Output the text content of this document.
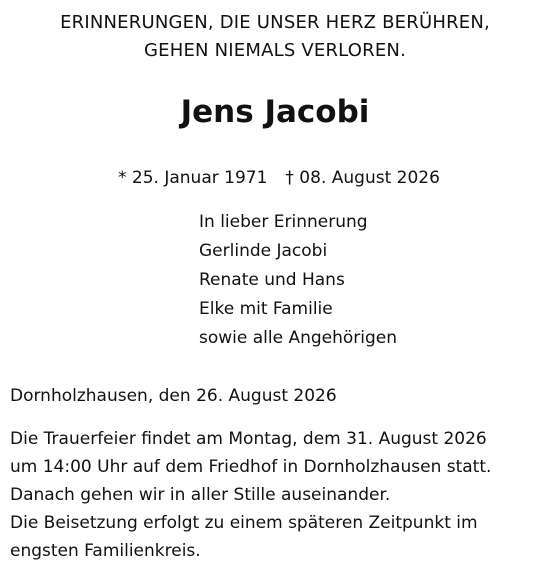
ERINNERUNGEN, DIE UNSER HERZ BERÜHREN,
GEHEN NIEMALS VERLOREN.
Jens Jacobi
* 25. Januar 1971 † 08. August 2026
In lieber Erinnerung
Gerlinde Jacobi
Renate und Hans
Elke mit Familie
sowie alle Angehörigen
Dornholzhausen, den 26. August 2026
Die Trauerfeier findet am Montag, dem 31. August 2026
um 14:00 Uhr auf dem Friedhof in Dornholzhausen statt.
Danach gehen wir in aller Stille auseinander.
Die Beisetzung erfolgt zu einem späteren Zeitpunkt im
engsten Familienkreis.
